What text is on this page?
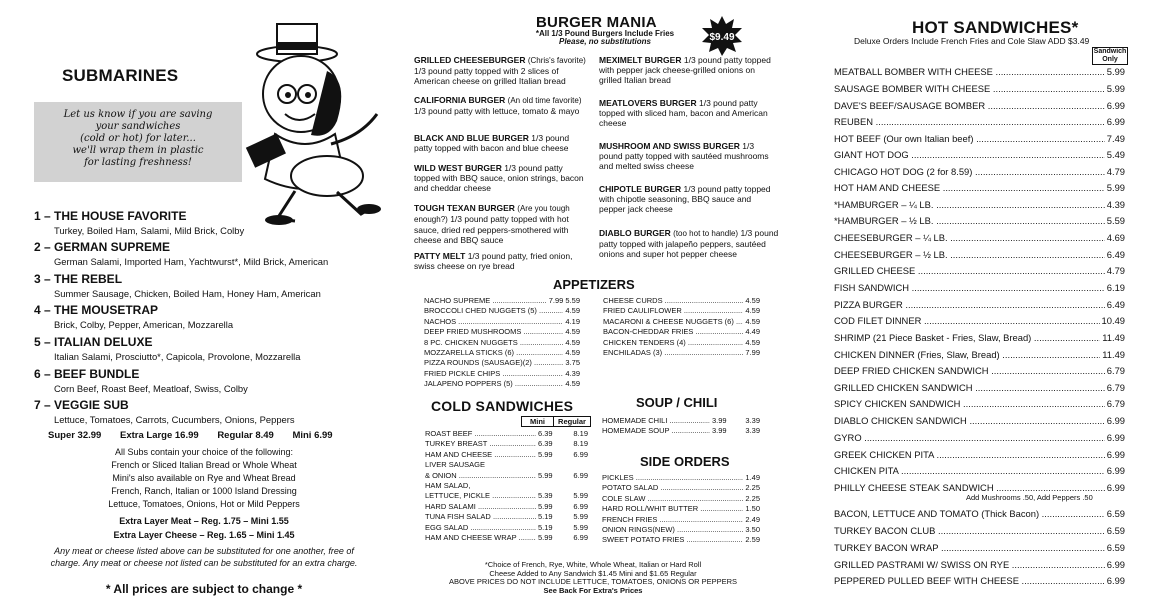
SUBMARINES
Let us know if you are saving
your sandwiches
(cold or hot) for later...
we'll wrap them in plastic
for lasting freshness!
1 – THE HOUSE FAVORITE
Turkey, Boiled Ham, Salami, Mild Brick, Colby
2 – GERMAN SUPREME
German Salami, Imported Ham, Yachtwurst*, Mild Brick, American
3 – THE REBEL
Summer Sausage, Chicken, Boiled Ham, Honey Ham, American
4 – THE MOUSETRAP
Brick, Colby, Pepper, American, Mozzarella
5 – ITALIAN DELUXE
Italian Salami, Prosciutto*, Capicola, Provolone, Mozzarella
6 – BEEF BUNDLE
Corn Beef, Roast Beef, Meatloaf, Swiss, Colby
7 – VEGGIE SUB
Lettuce, Tomatoes, Carrots, Cucumbers, Onions, Peppers
Super 32.99 Extra Large 16.99 Regular 8.49 Mini 6.99
All Subs contain your choice of the following:
French or Sliced Italian Bread or Whole Wheat
Mini's also available on Rye and Wheat Bread
French, Ranch, Italian or 1000 Island Dressing
Lettuce, Tomatoes, Onions, Hot or Mild Peppers
Extra Layer Meat – Reg. 1.75 – Mini 1.55
Extra Layer Cheese – Reg. 1.65 – Mini 1.45
Any meat or cheese listed above can be substituted for one another, free of charge. Any meat or cheese not listed can be substituted for an extra charge.
* All prices are subject to change *
BURGER MANIA
*All 1/3 Pound Burgers Include Fries
Please, no substitutions	$9.49
GRILLED CHEESEBURGER (Chris's favorite) 1/3 pound patty topped with 2 slices of American cheese on grilled Italian bread
CALIFORNIA BURGER (An old time favorite) 1/3 pound patty with lettuce, tomato & mayo
BLACK AND BLUE BURGER 1/3 pound patty topped with bacon and blue cheese
WILD WEST BURGER 1/3 pound patty topped with BBQ sauce, onion strings, bacon and cheddar cheese
TOUGH TEXAN BURGER (Are you tough enough?) 1/3 pound patty topped with hot sauce, dried red peppers-smothered with cheese and BBQ sauce
PATTY MELT 1/3 pound patty, fried onion, swiss cheese on rye bread
MEXIMELT BURGER 1/3 pound patty topped with pepper jack cheese-grilled onions on grilled Italian bread
MEATLOVERS BURGER 1/3 pound patty topped with sliced ham, bacon and American cheese
MUSHROOM AND SWISS BURGER 1/3 pound patty topped with sautéed mushrooms and melted swiss cheese
CHIPOTLE BURGER 1/3 pound patty topped with chipotle seasoning, BBQ sauce and pepper jack cheese
DIABLO BURGER (too hot to handle) 1/3 pound patty topped with jalapeño peppers, sautéed onions and super hot pepper cheese
APPETIZERS
NACHO SUPREME .....	7.99 5.59
BROCCOLI CHED NUGGETS (5) .....	4.59
NACHOS .....	4.19
DEEP FRIED MUSHROOMS .....	4.59
8 PC. CHICKEN NUGGETS .....	4.59
MOZZARELLA STICKS (6) .....	4.59
PIZZA ROUNDS (SAUSAGE)(2) .....	3.75
FRIED PICKLE CHIPS .....	4.39
JALAPENO POPPERS (5) .....	4.59
CHEESE CURDS .....	4.59
FRIED CAULIFLOWER .....	4.59
MACARONI & CHEESE NUGGETS (6) .....	4.59
BACON-CHEDDAR FRIES .....	4.49
CHICKEN TENDERS (4) .....	4.59
ENCHILADAS (3) .....	7.99
COLD SANDWICHES
Mini	Regular
ROAST BEEF .....	6.39	8.19
TURKEY BREAST .....	6.39	8.19
HAM AND CHEESE .....	5.99	6.99
LIVER SAUSAGE
& ONION .....	5.99	6.99
HAM SALAD,
LETTUCE, PICKLE .....	5.39	5.99
HARD SALAMI .....	5.99	6.99
TUNA FISH SALAD .....	5.19	5.99
EGG SALAD .....	5.19	5.99
HAM AND CHEESE WRAP .....	5.99	6.99
SOUP / CHILI
HOMEMADE CHILI .....	3.99	3.39
HOMEMADE SOUP .....	3.99	3.39
SIDE ORDERS
PICKLES .....	1.49
POTATO SALAD .....	2.25
COLE SLAW .....	2.25
HARD ROLL/WHIT BUTTER .....	1.50
FRENCH FRIES .....	2.49
ONION RINGS(NEW) .....	3.50
SWEET POTATO FRIES .....	2.59
*Choice of French, Rye, White, Whole Wheat, Italian or Hard Roll
Cheese Added to Any Sandwich $1.45 Mini and $1.65 Regular
ABOVE PRICES DO NOT INCLUDE LETTUCE, TOMATOES, ONIONS OR PEPPERS
See Back For Extra's Prices
HOT SANDWICHES*
Deluxe Orders Include French Fries and Cole Slaw ADD $3.49
Sandwich Only
MEATBALL BOMBER WITH CHEESE .....	5.99
SAUSAGE BOMBER WITH CHEESE .....	5.99
DAVE'S BEEF/SAUSAGE BOMBER .....	6.99
REUBEN .....	6.99
HOT BEEF (Our own Italian beef) .....	7.49
GIANT HOT DOG .....	5.49
CHICAGO HOT DOG (2 for 8.59) .....	4.79
HOT HAM AND CHEESE .....	5.99
*HAMBURGER – ¼ LB. .....	4.39
*HAMBURGER – ½ LB. .....	5.59
CHEESEBURGER – ¼ LB. .....	4.69
CHEESEBURGER – ½ LB. .....	6.49
GRILLED CHEESE .....	4.79
FISH SANDWICH .....	6.19
PIZZA BURGER .....	6.49
COD FILET DINNER .....	10.49
SHRIMP (21 Piece Basket - Fries, Slaw, Bread) .....	11.49
CHICKEN DINNER (Fries, Slaw, Bread) .....	11.49
DEEP FRIED CHICKEN SANDWICH .....	6.79
GRILLED CHICKEN SANDWICH .....	6.79
SPICY CHICKEN SANDWICH .....	6.79
DIABLO CHICKEN SANDWICH .....	6.99
GYRO .....	6.99
GREEK CHICKEN PITA .....	6.99
CHICKEN PITA .....	6.99
PHILLY CHEESE STEAK SANDWICH .....	6.99
BACON, LETTUCE AND TOMATO (Thick Bacon) .....	6.59
TURKEY BACON CLUB .....	6.59
TURKEY BACON WRAP .....	6.59
GRILLED PASTRAMI W/ SWISS ON RYE .....	6.99
PEPPERED PULLED BEEF WITH CHEESE .....	6.99
Add Mushrooms .50, Add Peppers .50
